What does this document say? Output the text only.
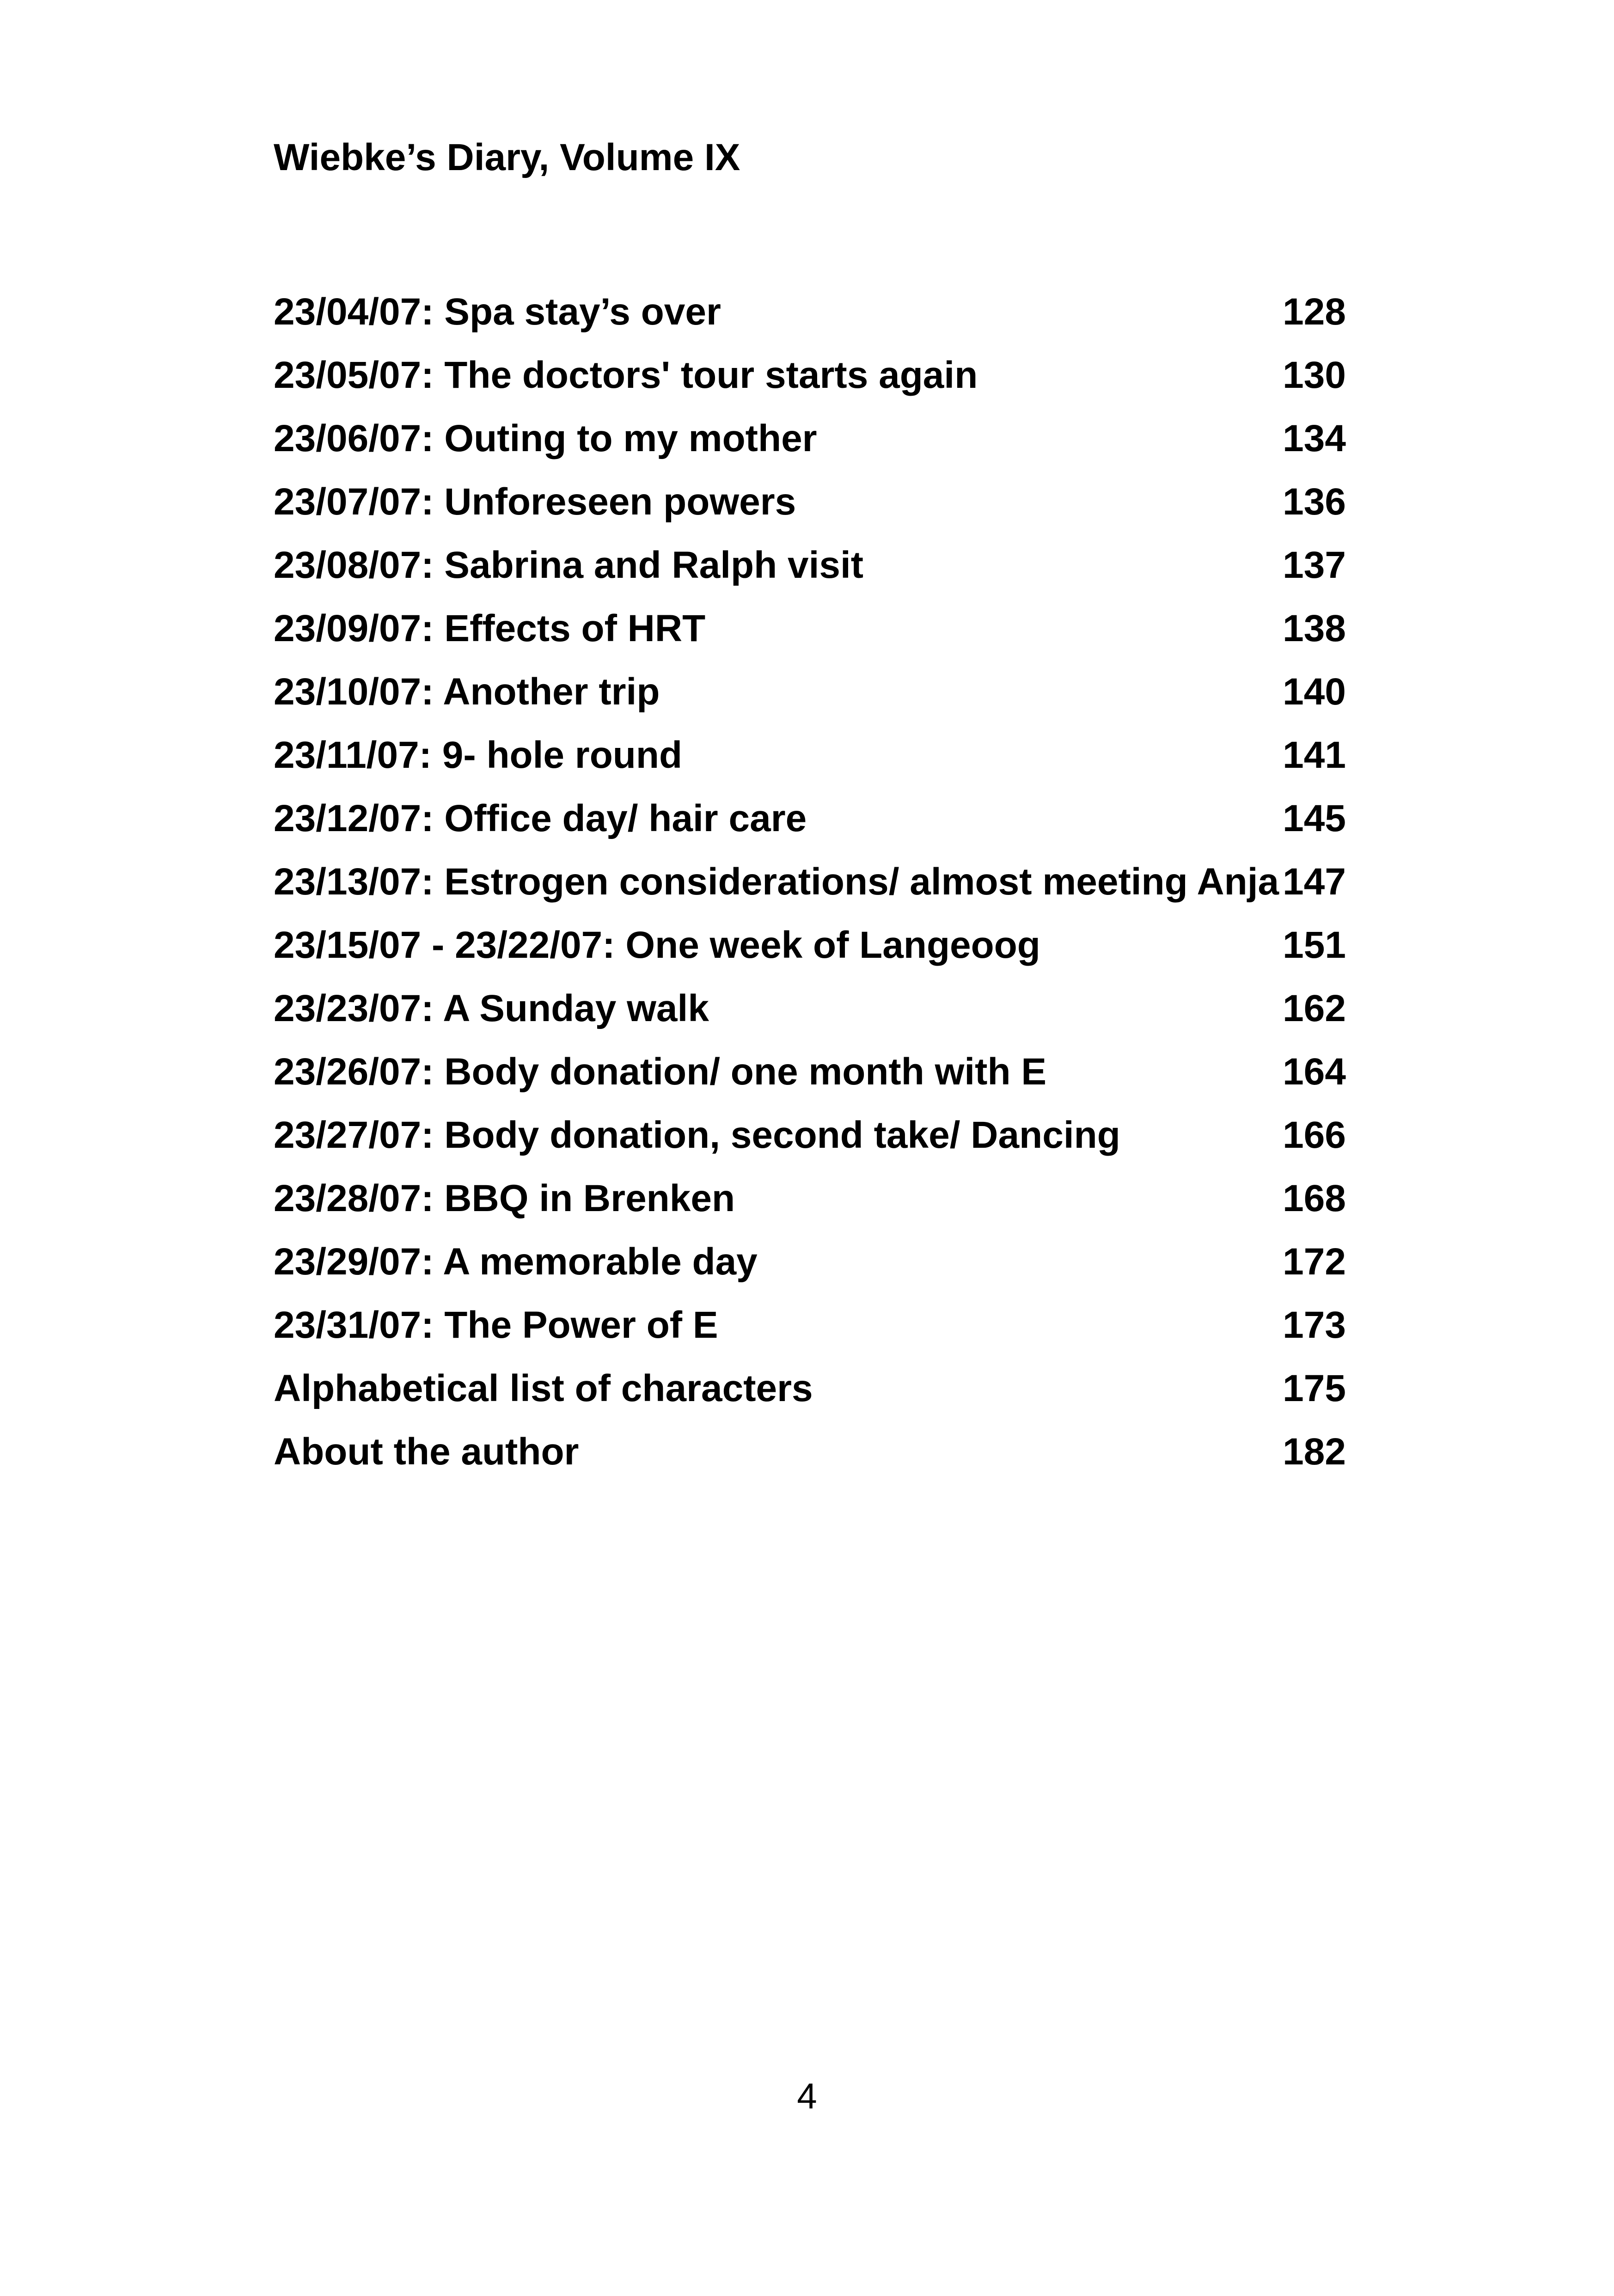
Wiebke’s Diary, Volume IX
23/04/07: Spa stay’s over	128
23/05/07: The doctors' tour starts again	130
23/06/07: Outing to my mother	134
23/07/07: Unforeseen powers	136
23/08/07: Sabrina and Ralph visit	137
23/09/07: Effects of HRT	138
23/10/07: Another trip	140
23/11/07: 9- hole round	141
23/12/07: Office day/ hair care	145
23/13/07: Estrogen considerations/ almost meeting Anja 147
23/15/07 - 23/22/07: One week of Langeoog	151
23/23/07: A Sunday walk	162
23/26/07: Body donation/ one month with E	164
23/27/07: Body donation, second take/ Dancing	166
23/28/07: BBQ in Brenken	168
23/29/07: A memorable day	172
23/31/07: The Power of E	173
Alphabetical list of characters	175
About the author	182
4
